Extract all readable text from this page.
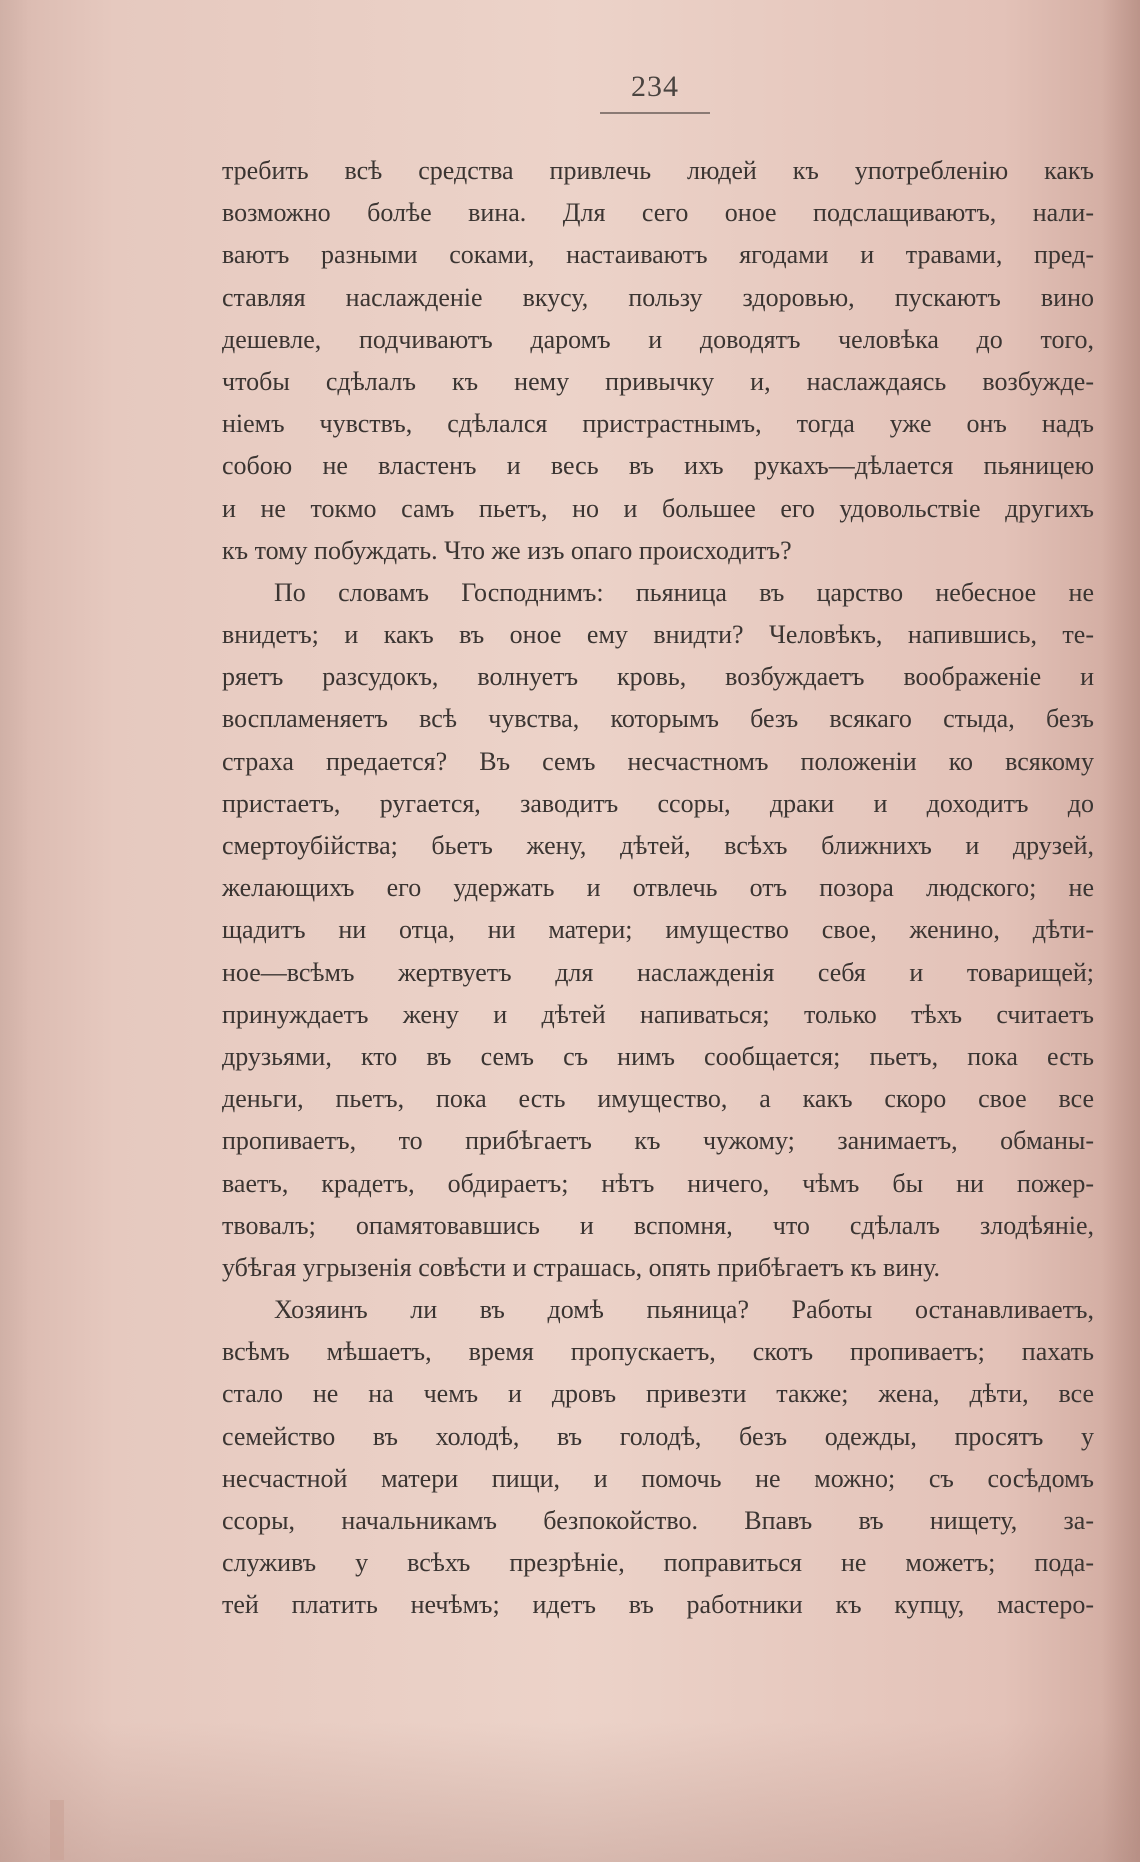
234
требить всѣ средства привлечь людей къ употребленію какъ
возможно болѣе вина. Для сего оное подслащиваютъ, нали-
ваютъ разными соками, настаиваютъ ягодами и травами, пред-
ставляя наслажденіе вкусу, пользу здоровью, пускаютъ вино
дешевле, подчиваютъ даромъ и доводятъ человѣка до того,
чтобы сдѣлалъ къ нему привычку и, наслаждаясь возбужде-
ніемъ чувствъ, сдѣлался пристрастнымъ, тогда уже онъ надъ
собою не властенъ и весь въ ихъ рукахъ—дѣлается пьяницею
и не токмо самъ пьетъ, но и большее его удовольствіе другихъ
къ тому побуждать. Что же изъ опаго происходитъ?
По словамъ Господнимъ: пьяница въ царство небесное не
внидетъ; и какъ въ оное ему внидти? Человѣкъ, напившись, те-
ряетъ разсудокъ, волнуетъ кровь, возбуждаетъ воображеніе и
воспламеняетъ всѣ чувства, которымъ безъ всякаго стыда, безъ
страха предается? Въ семъ несчастномъ положеніи ко всякому
пристаетъ, ругается, заводитъ ссоры, драки и доходитъ до
смертоубійства; бьетъ жену, дѣтей, всѣхъ ближнихъ и друзей,
желающихъ его удержать и отвлечь отъ позора людского; не
щадитъ ни отца, ни матери; имущество свое, женино, дѣти-
ное—всѣмъ жертвуетъ для наслажденія себя и товарищей;
принуждаетъ жену и дѣтей напиваться; только тѣхъ считаетъ
друзьями, кто въ семъ съ нимъ сообщается; пьетъ, пока есть
деньги, пьетъ, пока есть имущество, а какъ скоро свое все
пропиваетъ, то прибѣгаетъ къ чужому; занимаетъ, обманы-
ваетъ, крадетъ, обдираетъ; нѣтъ ничего, чѣмъ бы ни пожер-
твовалъ; опамятовавшись и вспомня, что сдѣлалъ злодѣяніе,
убѣгая угрызенія совѣсти и страшась, опять прибѣгаетъ къ вину.
Хозяинъ ли въ домѣ пьяница? Работы останавливаетъ,
всѣмъ мѣшаетъ, время пропускаетъ, скотъ пропиваетъ; пахать
стало не на чемъ и дровъ привезти также; жена, дѣти, все
семейство въ холодѣ, въ голодѣ, безъ одежды, просятъ у
несчастной матери пищи, и помочь не можно; съ сосѣдомъ
ссоры, начальникамъ безпокойство. Впавъ въ нищету, за-
служивъ у всѣхъ презрѣніе, поправиться не можетъ; пода-
тей платить нечѣмъ; идетъ въ работники къ купцу, мастеро-
